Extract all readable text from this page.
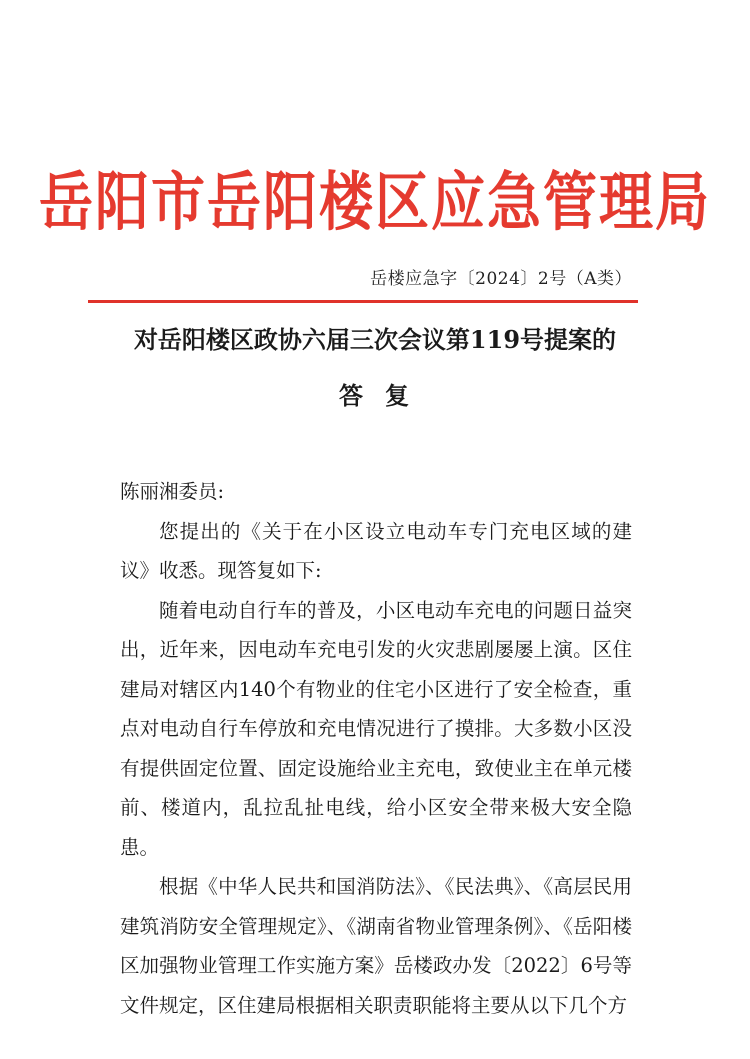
岳阳市岳阳楼区应急管理局
岳楼应急字〔2024〕2号（A类）
对岳阳楼区政协六届三次会议第119号提案的
答复

陈丽湘委员:

您提出的《关于在小区设立电动车专门充电区域的建议》收悉。现答复如下:

随着电动自行车的普及，小区电动车充电的问题日益突出，近年来，因电动车充电引发的火灾悲剧屡屡上演。区住建局对辖区内140个有物业的住宅小区进行了安全检查，重点对电动自行车停放和充电情况进行了摸排。大多数小区没有提供固定位置、固定设施给业主充电，致使业主在单元楼前、楼道内，乱拉乱扯电线，给小区安全带来极大安全隐患。

根据《中华人民共和国消防法》、《民法典》、《高层民用建筑消防安全管理规定》、《湖南省物业管理条例》、《岳阳楼区加强物业管理工作实施方案》岳楼政办发〔2022〕6号等文件规定，区住建局根据相关职责职能将主要从以下几个方
